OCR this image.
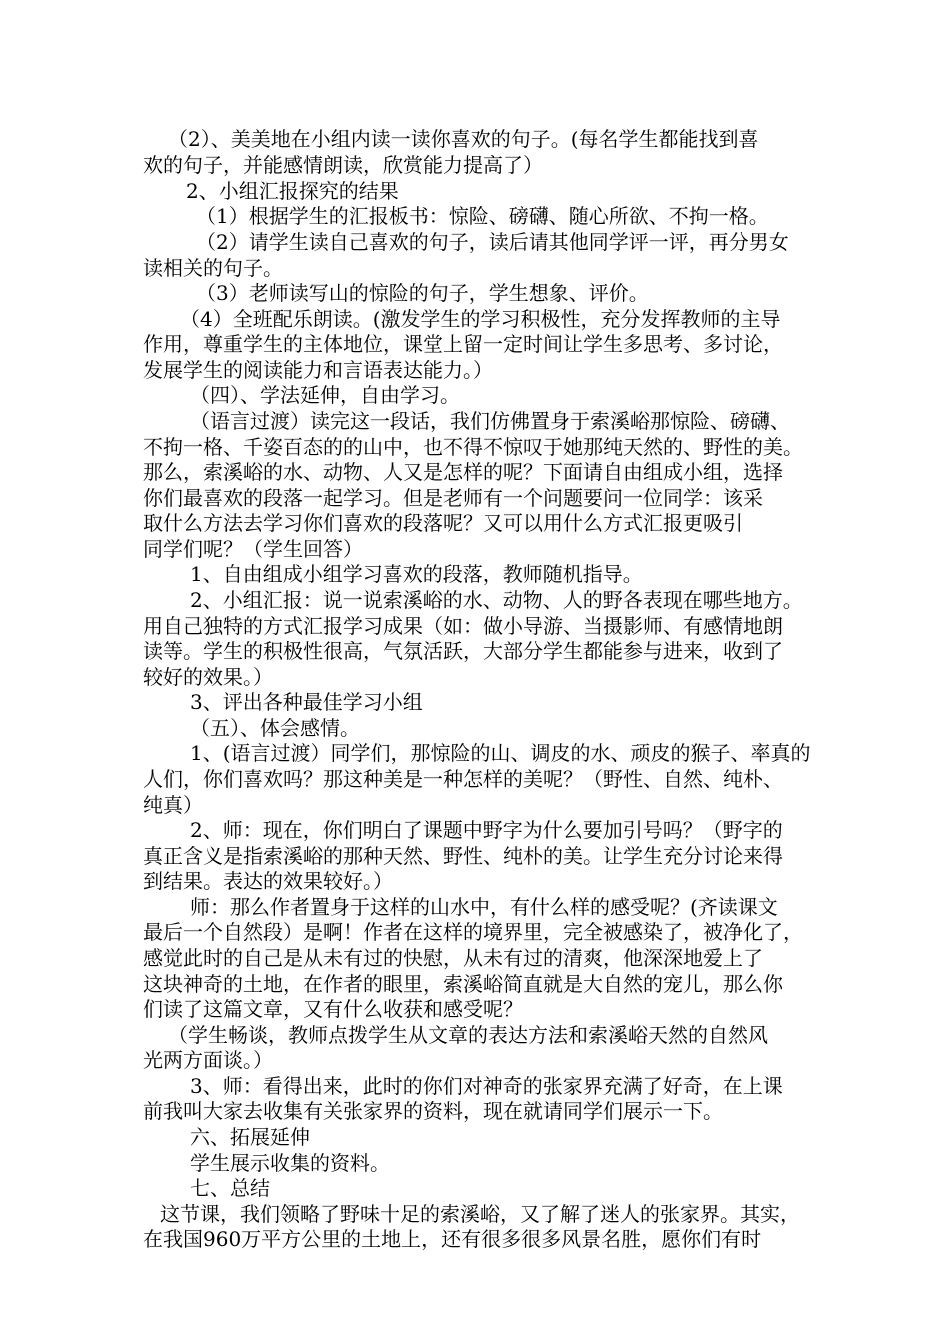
（2）、美美地在小组内读一读你喜欢的句子。(每名学生都能找到喜
欢的句子，并能感情朗读，欣赏能力提高了）
2、小组汇报探究的结果
（1）根据学生的汇报板书：惊险、磅礴、随心所欲、不拘一格。
（2）请学生读自己喜欢的句子，读后请其他同学评一评，再分男女
读相关的句子。
（3）老师读写山的惊险的句子，学生想象、评价。
（4）全班配乐朗读。(激发学生的学习积极性，充分发挥教师的主导
作用，尊重学生的主体地位，课堂上留一定时间让学生多思考、多讨论，
发展学生的阅读能力和言语表达能力。）
（四）、学法延伸，自由学习。
（语言过渡）读完这一段话，我们仿佛置身于索溪峪那惊险、磅礴、
不拘一格、千姿百态的的山中，也不得不惊叹于她那纯天然的、野性的美。
那么，索溪峪的水、动物、人又是怎样的呢？下面请自由组成小组，选择
你们最喜欢的段落一起学习。但是老师有一个问题要问一位同学：该采
取什么方法去学习你们喜欢的段落呢？又可以用什么方式汇报更吸引
同学们呢？（学生回答）
1、自由组成小组学习喜欢的段落，教师随机指导。
2、小组汇报：说一说索溪峪的水、动物、人的野各表现在哪些地方。
用自己独特的方式汇报学习成果（如：做小导游、当摄影师、有感情地朗
读等。学生的积极性很高，气氛活跃，大部分学生都能参与进来，收到了
较好的效果。）
3、评出各种最佳学习小组
（五）、体会感情。
1、(语言过渡）同学们，那惊险的山、调皮的水、顽皮的猴子、率真的
人们，你们喜欢吗？那这种美是一种怎样的美呢？（野性、自然、纯朴、
纯真）
2、师：现在，你们明白了课题中野字为什么要加引号吗？（野字的
真正含义是指索溪峪的那种天然、野性、纯朴的美。让学生充分讨论来得
到结果。表达的效果较好。）
师：那么作者置身于这样的山水中，有什么样的感受呢？(齐读课文
最后一个自然段）是啊！作者在这样的境界里，完全被感染了，被净化了，
感觉此时的自己是从未有过的快慰，从未有过的清爽，他深深地爱上了
这块神奇的土地，在作者的眼里，索溪峪简直就是大自然的宠儿，那么你
们读了这篇文章，又有什么收获和感受呢？
（学生畅谈，教师点拨学生从文章的表达方法和索溪峪天然的自然风
光两方面谈。）
3、师：看得出来，此时的你们对神奇的张家界充满了好奇，在上课
前我叫大家去收集有关张家界的资料，现在就请同学们展示一下。
六、拓展延伸
学生展示收集的资料。
七、总结
这节课，我们领略了野味十足的索溪峪，又了解了迷人的张家界。其实，
在我国960万平方公里的土地上，还有很多很多风景名胜，愿你们有时
